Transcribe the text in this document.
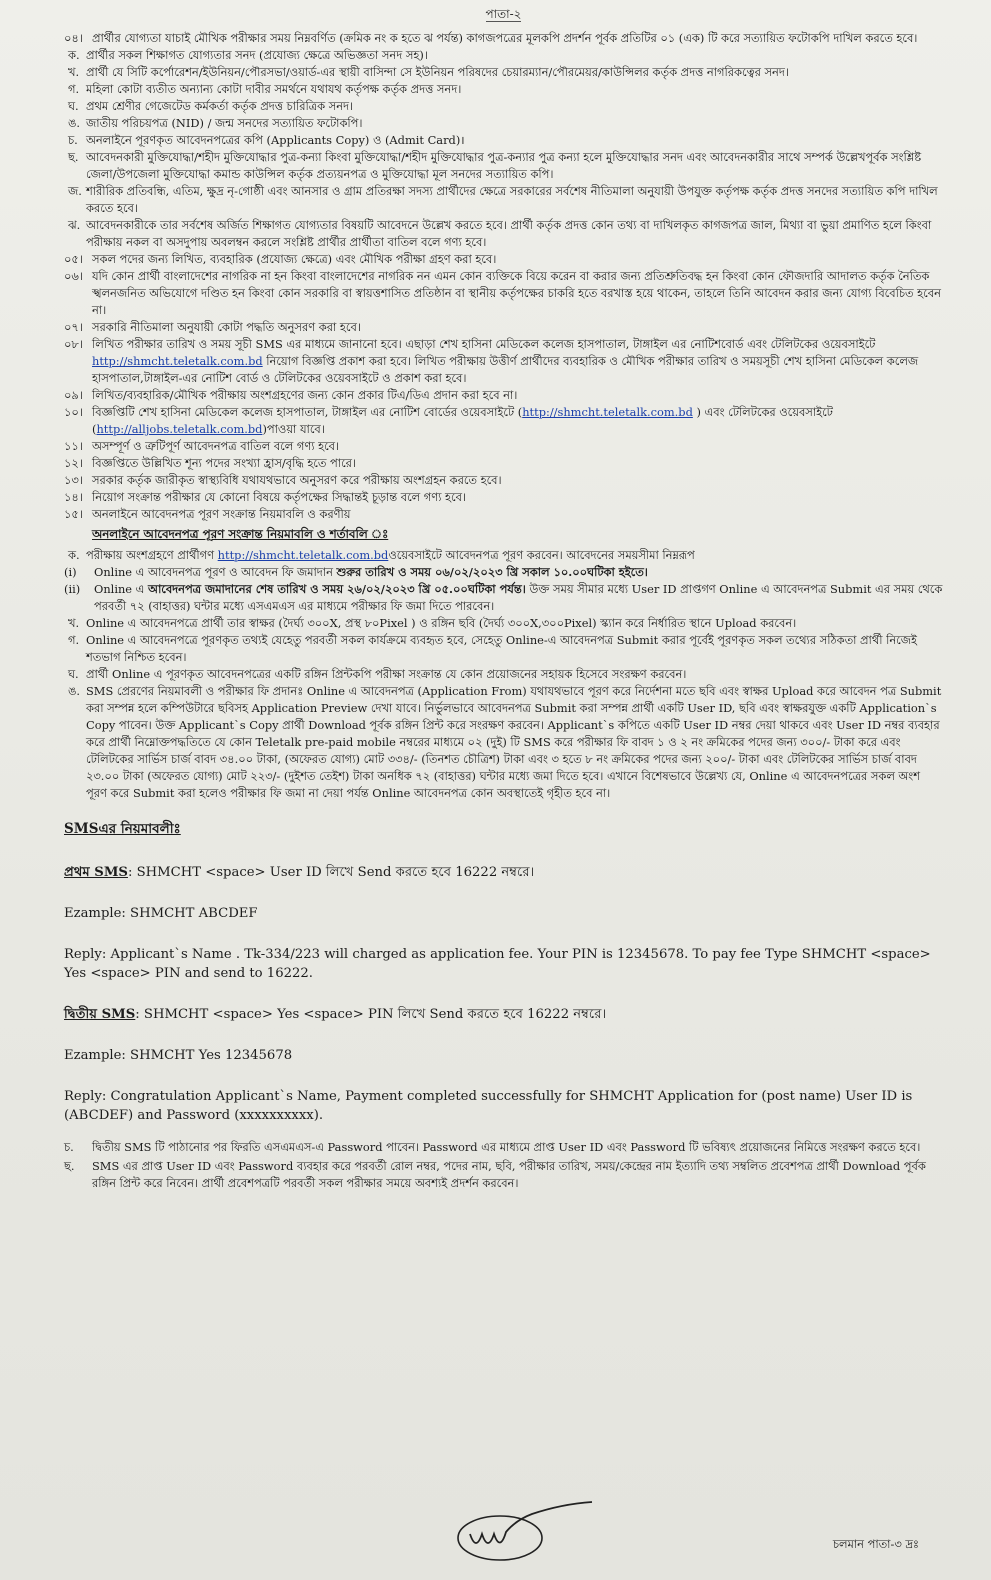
পাতা-২
০৪। প্রার্থীর যোগ্যতা যাচাই মৌখিক পরীক্ষার সময় নিম্নবর্ণিত (ক্রমিক নং ক হতে ঝ পর্যন্ত) কাগজপত্রের মূলকপি প্রদর্শন পূর্বক প্রতিটির ০১ (এক) টি করে সত্যায়িত ফটোকপি দাখিল করতে হবে।
ক. প্রার্থীর সকল শিক্ষাগত যোগ্যতার সনদ (প্রযোজ্য ক্ষেত্রে অভিজ্ঞতা সনদ সহ)।
খ. প্রার্থী যে সিটি কর্পোরেশন/ইউনিয়ন/পৌরসভা/ওয়ার্ড-এর স্থায়ী বাসিন্দা সে ইউনিয়ন পরিষদের চেয়ারম্যান/পৌরমেয়র/কাউন্সিলর কর্তৃক প্রদত্ত নাগরিকত্বের সনদ।
গ. মহিলা কোটা ব্যতীত অন্যান্য কোটা দাবীর সমর্থনে যথাযথ কর্তৃপক্ষ কর্তৃক প্রদত্ত সনদ।
ঘ. প্রথম শ্রেণীর গেজেটেড কর্মকর্তা কর্তৃক প্রদত্ত চারিত্রিক সনদ।
ঙ. জাতীয় পরিচয়পত্র (NID) / জন্ম সনদের সত্যায়িত ফটোকপি।
চ. অনলাইনে পূরণকৃত আবেদনপত্রের কপি (Applicants Copy) ও (Admit Card)।
ছ. আবেদনকারী মুক্তিযোদ্ধা/শহীদ মুক্তিযোদ্ধার পুত্র-কন্যা কিংবা মুক্তিযোদ্ধা/শহীদ মুক্তিযোদ্ধার পুত্র-কন্যার পুত্র কন্যা হলে মুক্তিযোদ্ধার সনদ এবং আবেদনকারীর সাথে সম্পর্ক উল্লেখপূর্বক সংশ্লিষ্ট জেলা/উপজেলা মুক্তিযোদ্ধা কমান্ড কাউন্সিল কর্তৃক প্রত্যয়নপত্র ও মুক্তিযোদ্ধা মূল সনদের সত্যায়িত কপি।
জ. শারীরিক প্রতিবন্ধি, এতিম, ক্ষুদ্র নৃ-গোষ্ঠী এবং আনসার ও গ্রাম প্রতিরক্ষা সদস্য প্রার্থীদের ক্ষেত্রে সরকারের সর্বশেষ নীতিমালা অনুযায়ী উপযুক্ত কর্তৃপক্ষ কর্তৃক প্রদত্ত সনদের সত্যায়িত কপি দাখিল করতে হবে।
ঝ. আবেদনকারীকে তার সর্বশেষ অর্জিত শিক্ষাগত যোগ্যতার বিষয়টি আবেদনে উল্লেখ করতে হবে। প্রার্থী কর্তৃক প্রদত্ত কোন তথ্য বা দাখিলকৃত কাগজপত্র জাল, মিথ্যা বা ভুয়া প্রমাণিত হলে কিংবা পরীক্ষায় নকল বা অসদুপায় অবলম্বন করলে সংশ্লিষ্ট প্রার্থীর প্রার্থীতা বাতিল বলে গণ্য হবে।
০৫। সকল পদের জন্য লিখিত, ব্যবহারিক (প্রযোজ্য ক্ষেত্রে) এবং মৌখিক পরীক্ষা গ্রহণ করা হবে।
০৬। যদি কোন প্রার্থী বাংলাদেশের নাগরিক না হন কিংবা বাংলাদেশের নাগরিক নন এমন কোন ব্যক্তিকে বিয়ে করেন বা করার জন্য প্রতিশ্রুতিবদ্ধ হন কিংবা কোন ফৌজদারি আদালত কর্তৃক নৈতিক স্খলনজনিত অভিযোগে দণ্ডিত হন কিংবা কোন সরকারি বা স্বায়ত্তশাসিত প্রতিষ্ঠান বা স্থানীয় কর্তৃপক্ষের চাকরি হতে বরখাস্ত হয়ে থাকেন, তাহলে তিনি আবেদন করার জন্য যোগ্য বিবেচিত হবেন না।
০৭। সরকারি নীতিমালা অনুযায়ী কোটা পদ্ধতি অনুসরণ করা হবে।
০৮। লিখিত পরীক্ষার তারিখ ও সময় সূচী SMS এর মাধ্যমে জানানো হবে। এছাড়া শেখ হাসিনা মেডিকেল কলেজ হাসপাতাল, টাঙ্গাইল এর নোটিশবোর্ড এবং টেলিটকের ওয়েবসাইটে http://shmcht.teletalk.com.bd নিয়োগ বিজ্ঞপ্তি প্রকাশ করা হবে। লিখিত পরীক্ষায় উত্তীর্ণ প্রার্থীদের ব্যবহারিক ও মৌখিক পরীক্ষার তারিখ ও সময়সূচী শেখ হাসিনা মেডিকেল কলেজ হাসপাতাল,টাঙ্গাইল-এর নোটিশ বোর্ড ও টেলিটকের ওয়েবসাইটে ও প্রকাশ করা হবে।
০৯। লিখিত/ব্যবহারিক/মৌখিক পরীক্ষায় অংশগ্রহণের জন্য কোন প্রকার টিএ/ডিএ প্রদান করা হবে না।
১০। বিজ্ঞপ্তিটি শেখ হাসিনা মেডিকেল কলেজ হাসপাতাল, টাঙ্গাইল এর নোটিশ বোর্ডের ওয়েবসাইটে (http://shmcht.teletalk.com.bd ) এবং টেলিটকের ওয়েবসাইটে (http://alljobs.teletalk.com.bd)পাওয়া যাবে।
১১। অসম্পূর্ণ ও ত্রুটিপূর্ণ আবেদনপত্র বাতিল বলে গণ্য হবে।
১২। বিজ্ঞপ্তিতে উল্লিখিত শূন্য পদের সংখ্যা হ্রাস/বৃদ্ধি হতে পারে।
১৩। সরকার কর্তৃক জারীকৃত স্বাস্থ্যবিধি যথাযথভাবে অনুসরণ করে পরীক্ষায় অংশগ্রহন করতে হবে।
১৪। নিয়োগ সংক্রান্ত পরীক্ষার যে কোনো বিষয়ে কর্তৃপক্ষের সিদ্ধান্তই চূড়ান্ত বলে গণ্য হবে।
১৫। অনলাইনে আবেদনপত্র পূরণ সংক্রান্ত নিয়মাবলি ও করণীয়
অনলাইনে আবেদনপত্র পূরণ সংক্রান্ত নিয়মাবলি ও শর্তাবলি ঃ
ক. পরীক্ষায় অংশগ্রহণে প্রার্থীগণ http://shmcht.teletalk.com.bdওয়েবসাইটে আবেদনপত্র পূরণ করবেন। আবেদনের সময়সীমা নিম্নরূপ
(i) Online এ আবেদনপত্র পূরণ ও আবেদন ফি জমাদান শুরুর তারিখ ও সময় ০৬/০২/২০২৩ খ্রি সকাল ১০.০০ঘটিকা হইতে।
(ii) Online এ আবেদনপত্র জমাদানের শেষ তারিখ ও সময় ২৬/০২/২০২৩ খ্রি ০৫.০০ঘটিকা পর্যন্ত। উক্ত সময় সীমার মধ্যে User ID প্রাপ্তগণ Online এ আবেদনপত্র Submit এর সময় থেকে পরবর্তী ৭২ (বাহাত্তর) ঘন্টার মধ্যে এসএমএস এর মাধ্যমে পরীক্ষার ফি জমা দিতে পারবেন।
খ. Online এ আবেদনপত্রে প্রার্থী তার স্বাক্ষর (দৈর্ঘ্য ৩০০X, প্রস্থ ৮০Pixel ) ও রঙ্গিন ছবি (দৈর্ঘ্য ৩০০X,৩০০Pixel) স্ক্যান করে নির্ধারিত স্থানে Upload করবেন।
গ. Online এ আবেদনপত্রে পূরণকৃত তথ্যই যেহেতু পরবর্তী সকল কার্যক্রমে ব্যবহৃত হবে, সেহেতু Online-এ আবেদনপত্র Submit করার পূর্বেই পূরণকৃত সকল তথ্যের সঠিকতা প্রার্থী নিজেই শতভাগ নিশ্চিত হবেন।
ঘ. প্রার্থী Online এ পূরণকৃত আবেদনপত্রের একটি রঙ্গিন প্রিন্টকপি পরীক্ষা সংক্রান্ত যে কোন প্রয়োজনের সহায়ক হিসেবে সংরক্ষণ করবেন।
ঙ. SMS প্রেরণের নিয়মাবলী ও পরীক্ষার ফি প্রদানঃ Online এ আবেদনপত্র (Application From) যথাযথভাবে পূরণ করে নির্দেশনা মতে ছবি এবং স্বাক্ষর Upload করে আবেদন পত্র Submit করা সম্পন্ন হলে কম্পিউটারে ছবিসহ Application Preview দেখা যাবে। নির্ভুলভাবে আবেদনপত্র Submit করা সম্পন্ন প্রার্থী একটি User ID, ছবি এবং স্বাক্ষরযুক্ত একটি Application`s Copy পাবেন। উক্ত Applicant`s Copy প্রার্থী Download পূর্বক রঙ্গিন প্রিন্ট করে সংরক্ষণ করবেন। Applicant`s কপিতে একটি User ID নম্বর দেয়া থাকবে এবং User ID নম্বর ব্যবহার করে প্রার্থী নিম্নোক্তপদ্ধতিতে যে কোন Teletalk pre-paid mobile নম্বরের মাধ্যমে ০২ (দুই) টি SMS করে পরীক্ষার ফি বাবদ ১ ও ২ নং ক্রমিকের পদের জন্য ৩০০/- টাকা করে এবং টেলিটকের সার্ভিস চার্জ বাবদ ৩৪.০০ টাকা, (অফেরত যোগ্য) মোট ৩৩৪/- (তিনশত চৌত্রিশ) টাকা এবং ৩ হতে ৮ নং ক্রমিকের পদের জন্য ২০০/- টাকা এবং টেলিটকের সার্ভিস চার্জ বাবদ ২৩.০০ টাকা (অফেরত যোগ্য) মোট ২২৩/- (দুইশত তেইশ) টাকা অনধিক ৭২ (বাহাত্তর) ঘন্টার মধ্যে জমা দিতে হবে। এখানে বিশেষভাবে উল্লেখ্য যে, Online এ আবেদনপত্রের সকল অংশ পূরণ করে Submit করা হলেও পরীক্ষার ফি জমা না দেয়া পর্যন্ত Online আবেদনপত্র কোন অবস্থাতেই গৃহীত হবে না।
SMSএর নিয়মাবলীঃ
প্রথম SMS: SHMCHT <space> User ID লিখে Send করতে হবে 16222 নম্বরে।
Ezample: SHMCHT ABCDEF
Reply: Applicant`s Name . Tk-334/223 will charged as application fee. Your PIN is 12345678. To pay fee Type SHMCHT <space> Yes <space> PIN and send to 16222.
দ্বিতীয় SMS: SHMCHT <space> Yes <space> PIN লিখে Send করতে হবে 16222 নম্বরে।
Ezample: SHMCHT Yes 12345678
Reply: Congratulation Applicant`s Name, Payment completed successfully for SHMCHT Application for (post name) User ID is (ABCDEF) and Password (xxxxxxxxxx).
চ. দ্বিতীয় SMS টি পাঠানোর পর ফিরতি এসএমএস-এ Password পাবেন। Password এর মাধ্যমে প্রাপ্ত User ID এবং Password টি ভবিষ্যৎ প্রয়োজনের নিমিত্তে সংরক্ষণ করতে হবে।
ছ. SMS এর প্রাপ্ত User ID এবং Password ব্যবহার করে পরবর্তী রোল নম্বর, পদের নাম, ছবি, পরীক্ষার তারিখ, সময়/কেন্দ্রের নাম ইত্যাদি তথ্য সম্বলিত প্রবেশপত্র প্রার্থী Download পূর্বক রঙ্গিন প্রিন্ট করে নিবেন। প্রার্থী প্রবেশপত্রটি পরবর্তী সকল পরীক্ষার সময়ে অবশ্যই প্রদর্শন করবেন।
চলমান পাতা-৩ দ্রঃ
